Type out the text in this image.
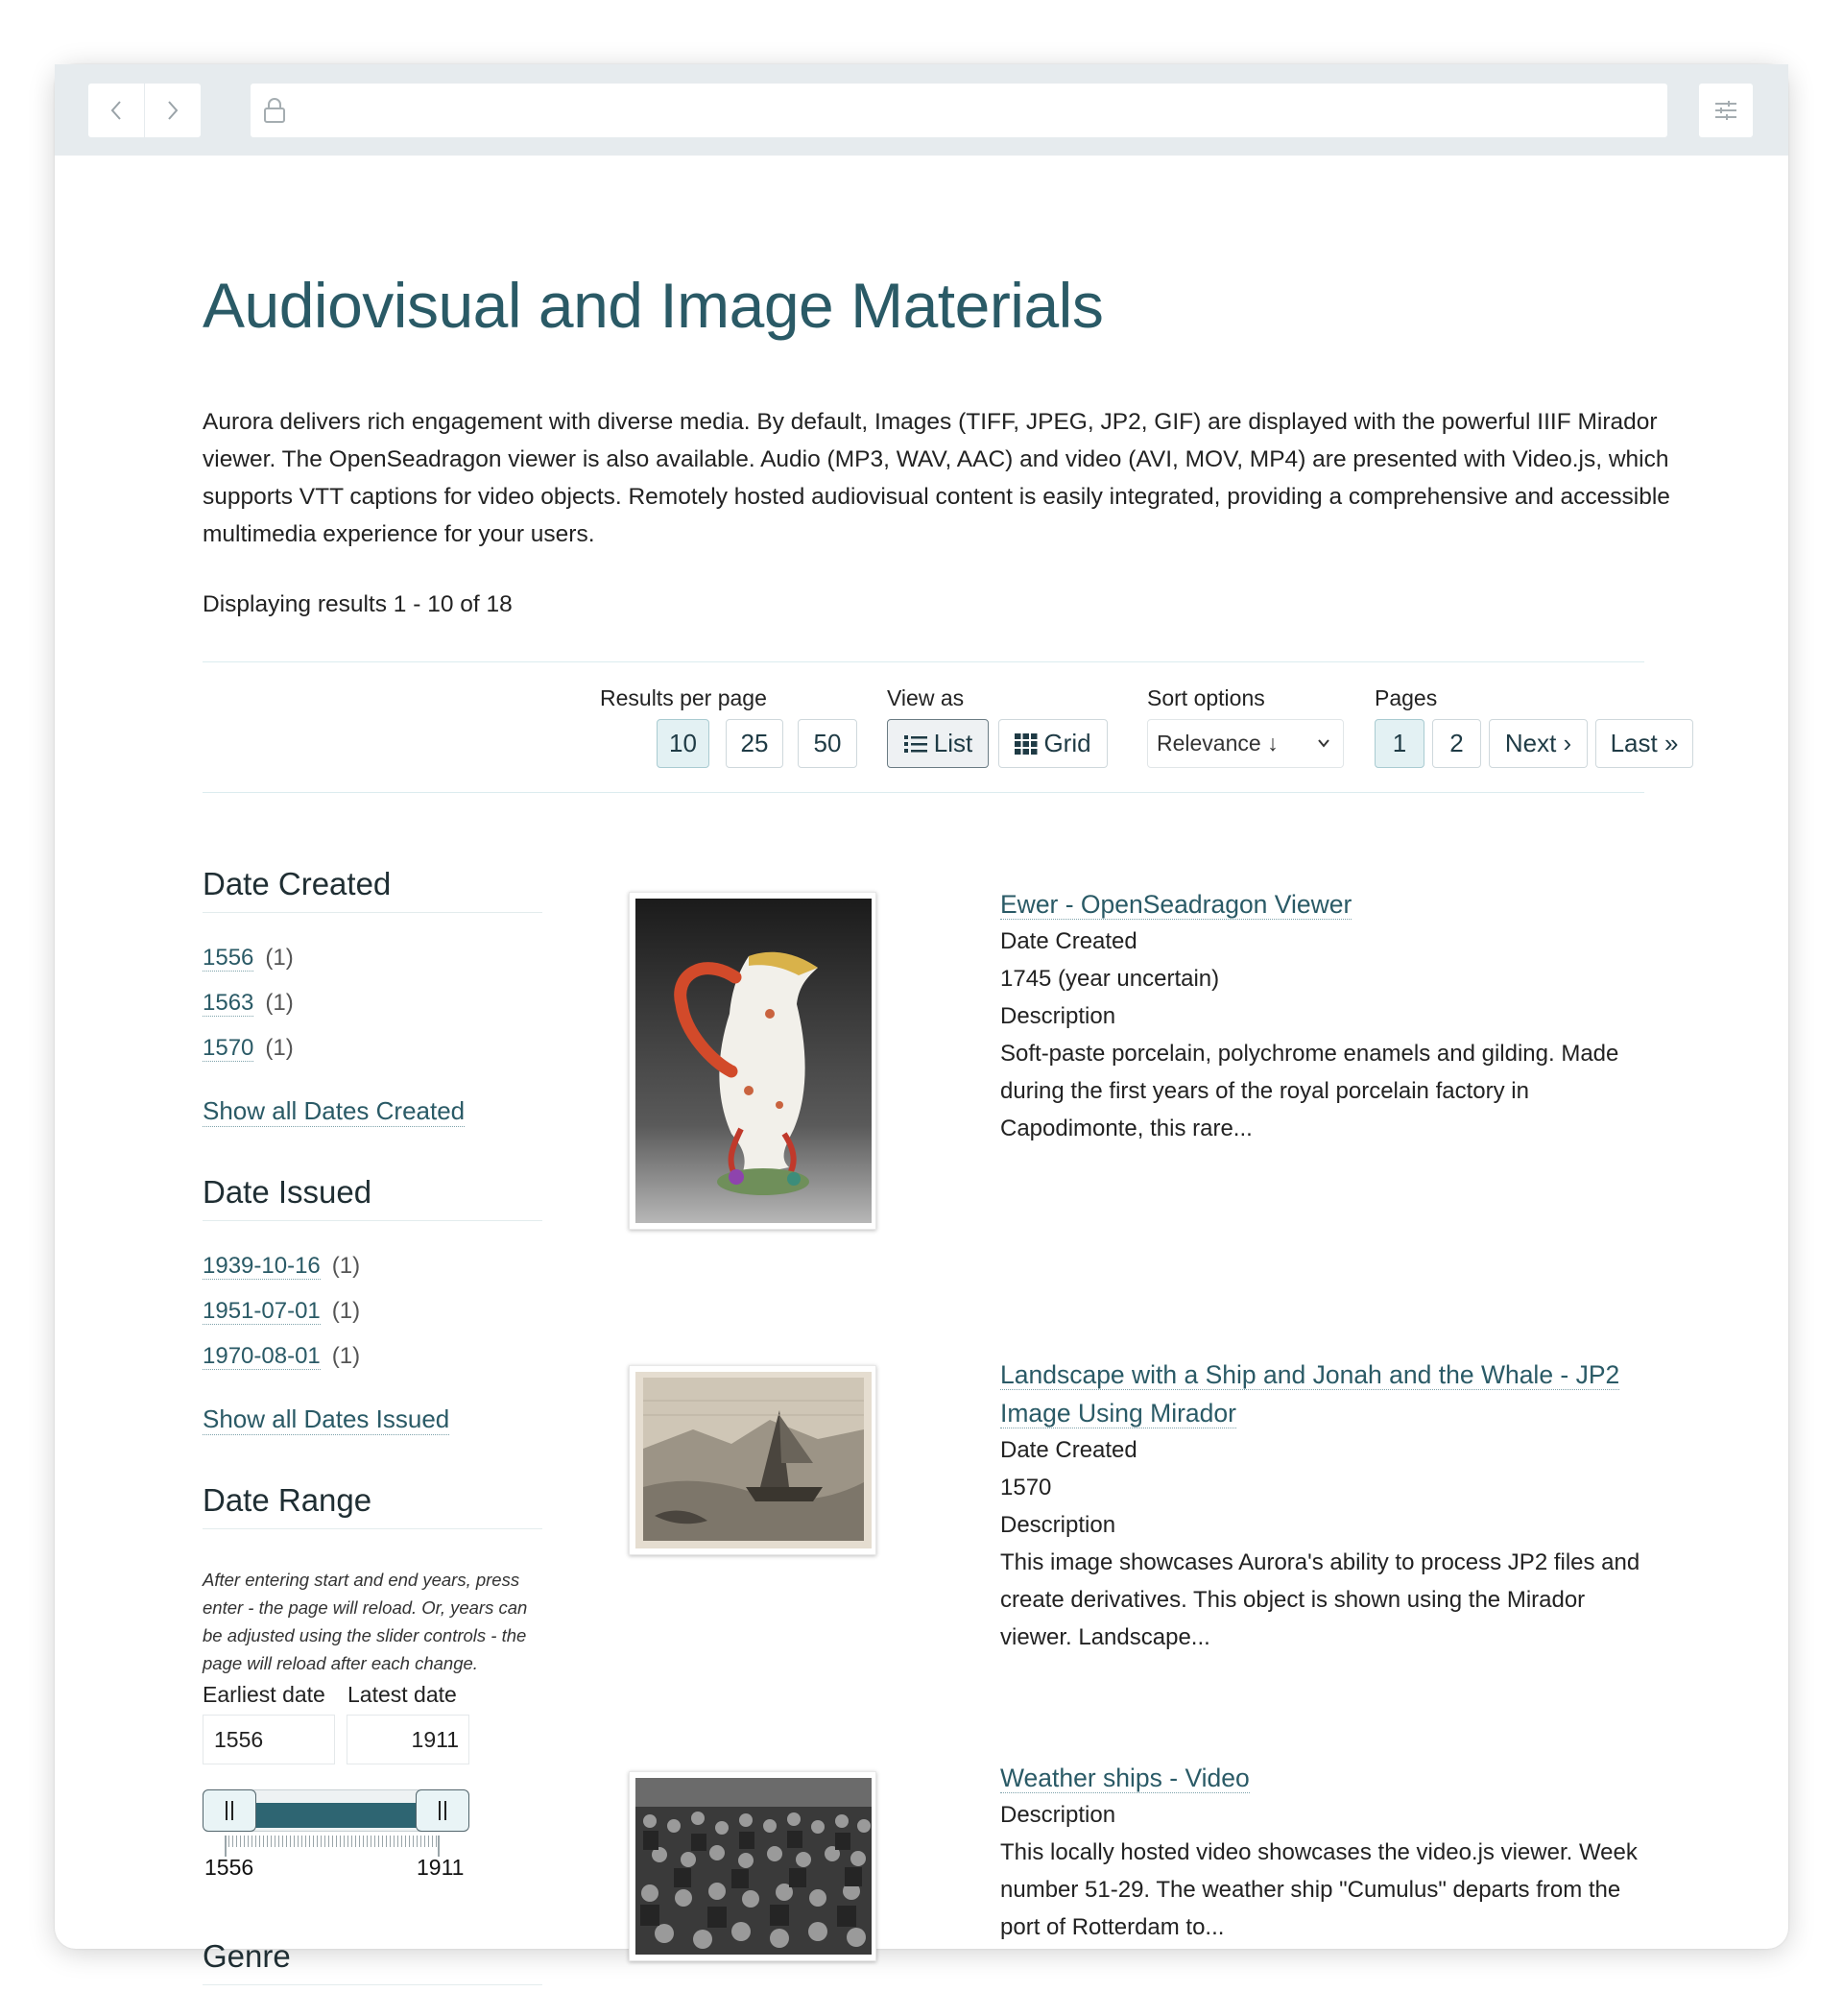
Audiovisual and Image Materials

Aurora delivers rich engagement with diverse media. By default, Images (TIFF, JPEG, JP2, GIF) are displayed with the powerful IIIF Mirador viewer. The OpenSeadragon viewer is also available. Audio (MP3, WAV, AAC) and video (AVI, MOV, MP4) are presented with Video.js, which supports VTT captions for video objects. Remotely hosted audiovisual content is easily integrated, providing a comprehensive and accessible multimedia experience for your users.

Displaying results 1 - 10 of 18
Results per page
10	25	50
View as
List	Grid
Sort options
Relevance ↓
Pages
1	2	Next ›	Last »
Date Created
1556 (1)
1563 (1)
1570 (1)
Show all Dates Created
Date Issued
1939-10-16 (1)
1951-07-01 (1)
1970-08-01 (1)
Show all Dates Issued
Date Range
After entering start and end years, press enter - the page will reload. Or, years can be adjusted using the slider controls - the page will reload after each change.
Earliest date Latest date
1556	1911
1556	1911
Genre
Ewer - OpenSeadragon Viewer
Date Created
1745 (year uncertain)
Description
Soft-paste porcelain, polychrome enamels and gilding. Made during the first years of the royal porcelain factory in Capodimonte, this rare...
Landscape with a Ship and Jonah and the Whale - JP2 Image Using Mirador
Date Created
1570
Description
This image showcases Aurora's ability to process JP2 files and create derivatives. This object is shown using the Mirador viewer. Landscape...
Weather ships - Video
Description
This locally hosted video showcases the video.js viewer. Week number 51-29. The weather ship "Cumulus" departs from the port of Rotterdam to...
